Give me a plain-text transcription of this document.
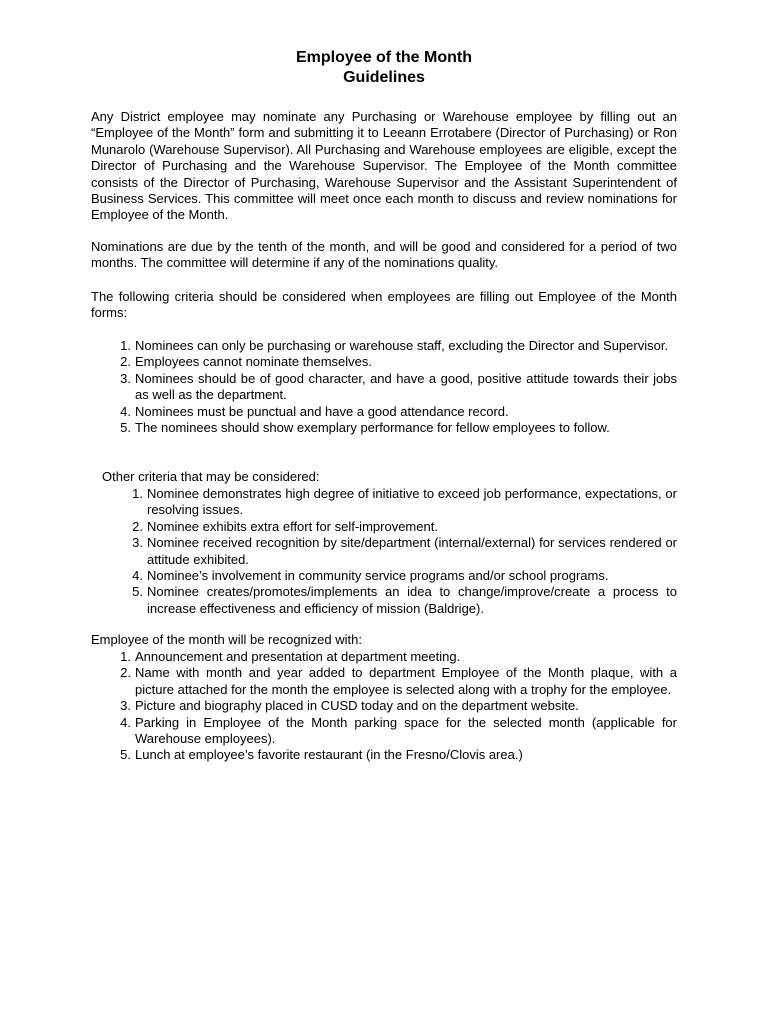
Employee of the Month
Guidelines
Any District employee may nominate any Purchasing or Warehouse employee by filling out an “Employee of the Month” form and submitting it to Leeann Errotabere (Director of Purchasing) or Ron Munarolo (Warehouse Supervisor). All Purchasing and Warehouse employees are eligible, except the Director of Purchasing and the Warehouse Supervisor. The Employee of the Month committee consists of the Director of Purchasing, Warehouse Supervisor and the Assistant Superintendent of Business Services. This committee will meet once each month to discuss and review nominations for Employee of the Month.
Nominations are due by the tenth of the month, and will be good and considered for a period of two months. The committee will determine if any of the nominations quality.
The following criteria should be considered when employees are filling out Employee of the Month forms:
1. Nominees can only be purchasing or warehouse staff, excluding the Director and Supervisor.
2. Employees cannot nominate themselves.
3. Nominees should be of good character, and have a good, positive attitude towards their jobs as well as the department.
4. Nominees must be punctual and have a good attendance record.
5. The nominees should show exemplary performance for fellow employees to follow.
Other criteria that may be considered:
1. Nominee demonstrates high degree of initiative to exceed job performance, expectations, or resolving issues.
2. Nominee exhibits extra effort for self-improvement.
3. Nominee received recognition by site/department (internal/external) for services rendered or attitude exhibited.
4. Nominee’s involvement in community service programs and/or school programs.
5. Nominee creates/promotes/implements an idea to change/improve/create a process to increase effectiveness and efficiency of mission (Baldrige).
Employee of the month will be recognized with:
1. Announcement and presentation at department meeting.
2. Name with month and year added to department Employee of the Month plaque, with a picture attached for the month the employee is selected along with a trophy for the employee.
3. Picture and biography placed in CUSD today and on the department website.
4. Parking in Employee of the Month parking space for the selected month (applicable for Warehouse employees).
5. Lunch at employee’s favorite restaurant (in the Fresno/Clovis area.)
